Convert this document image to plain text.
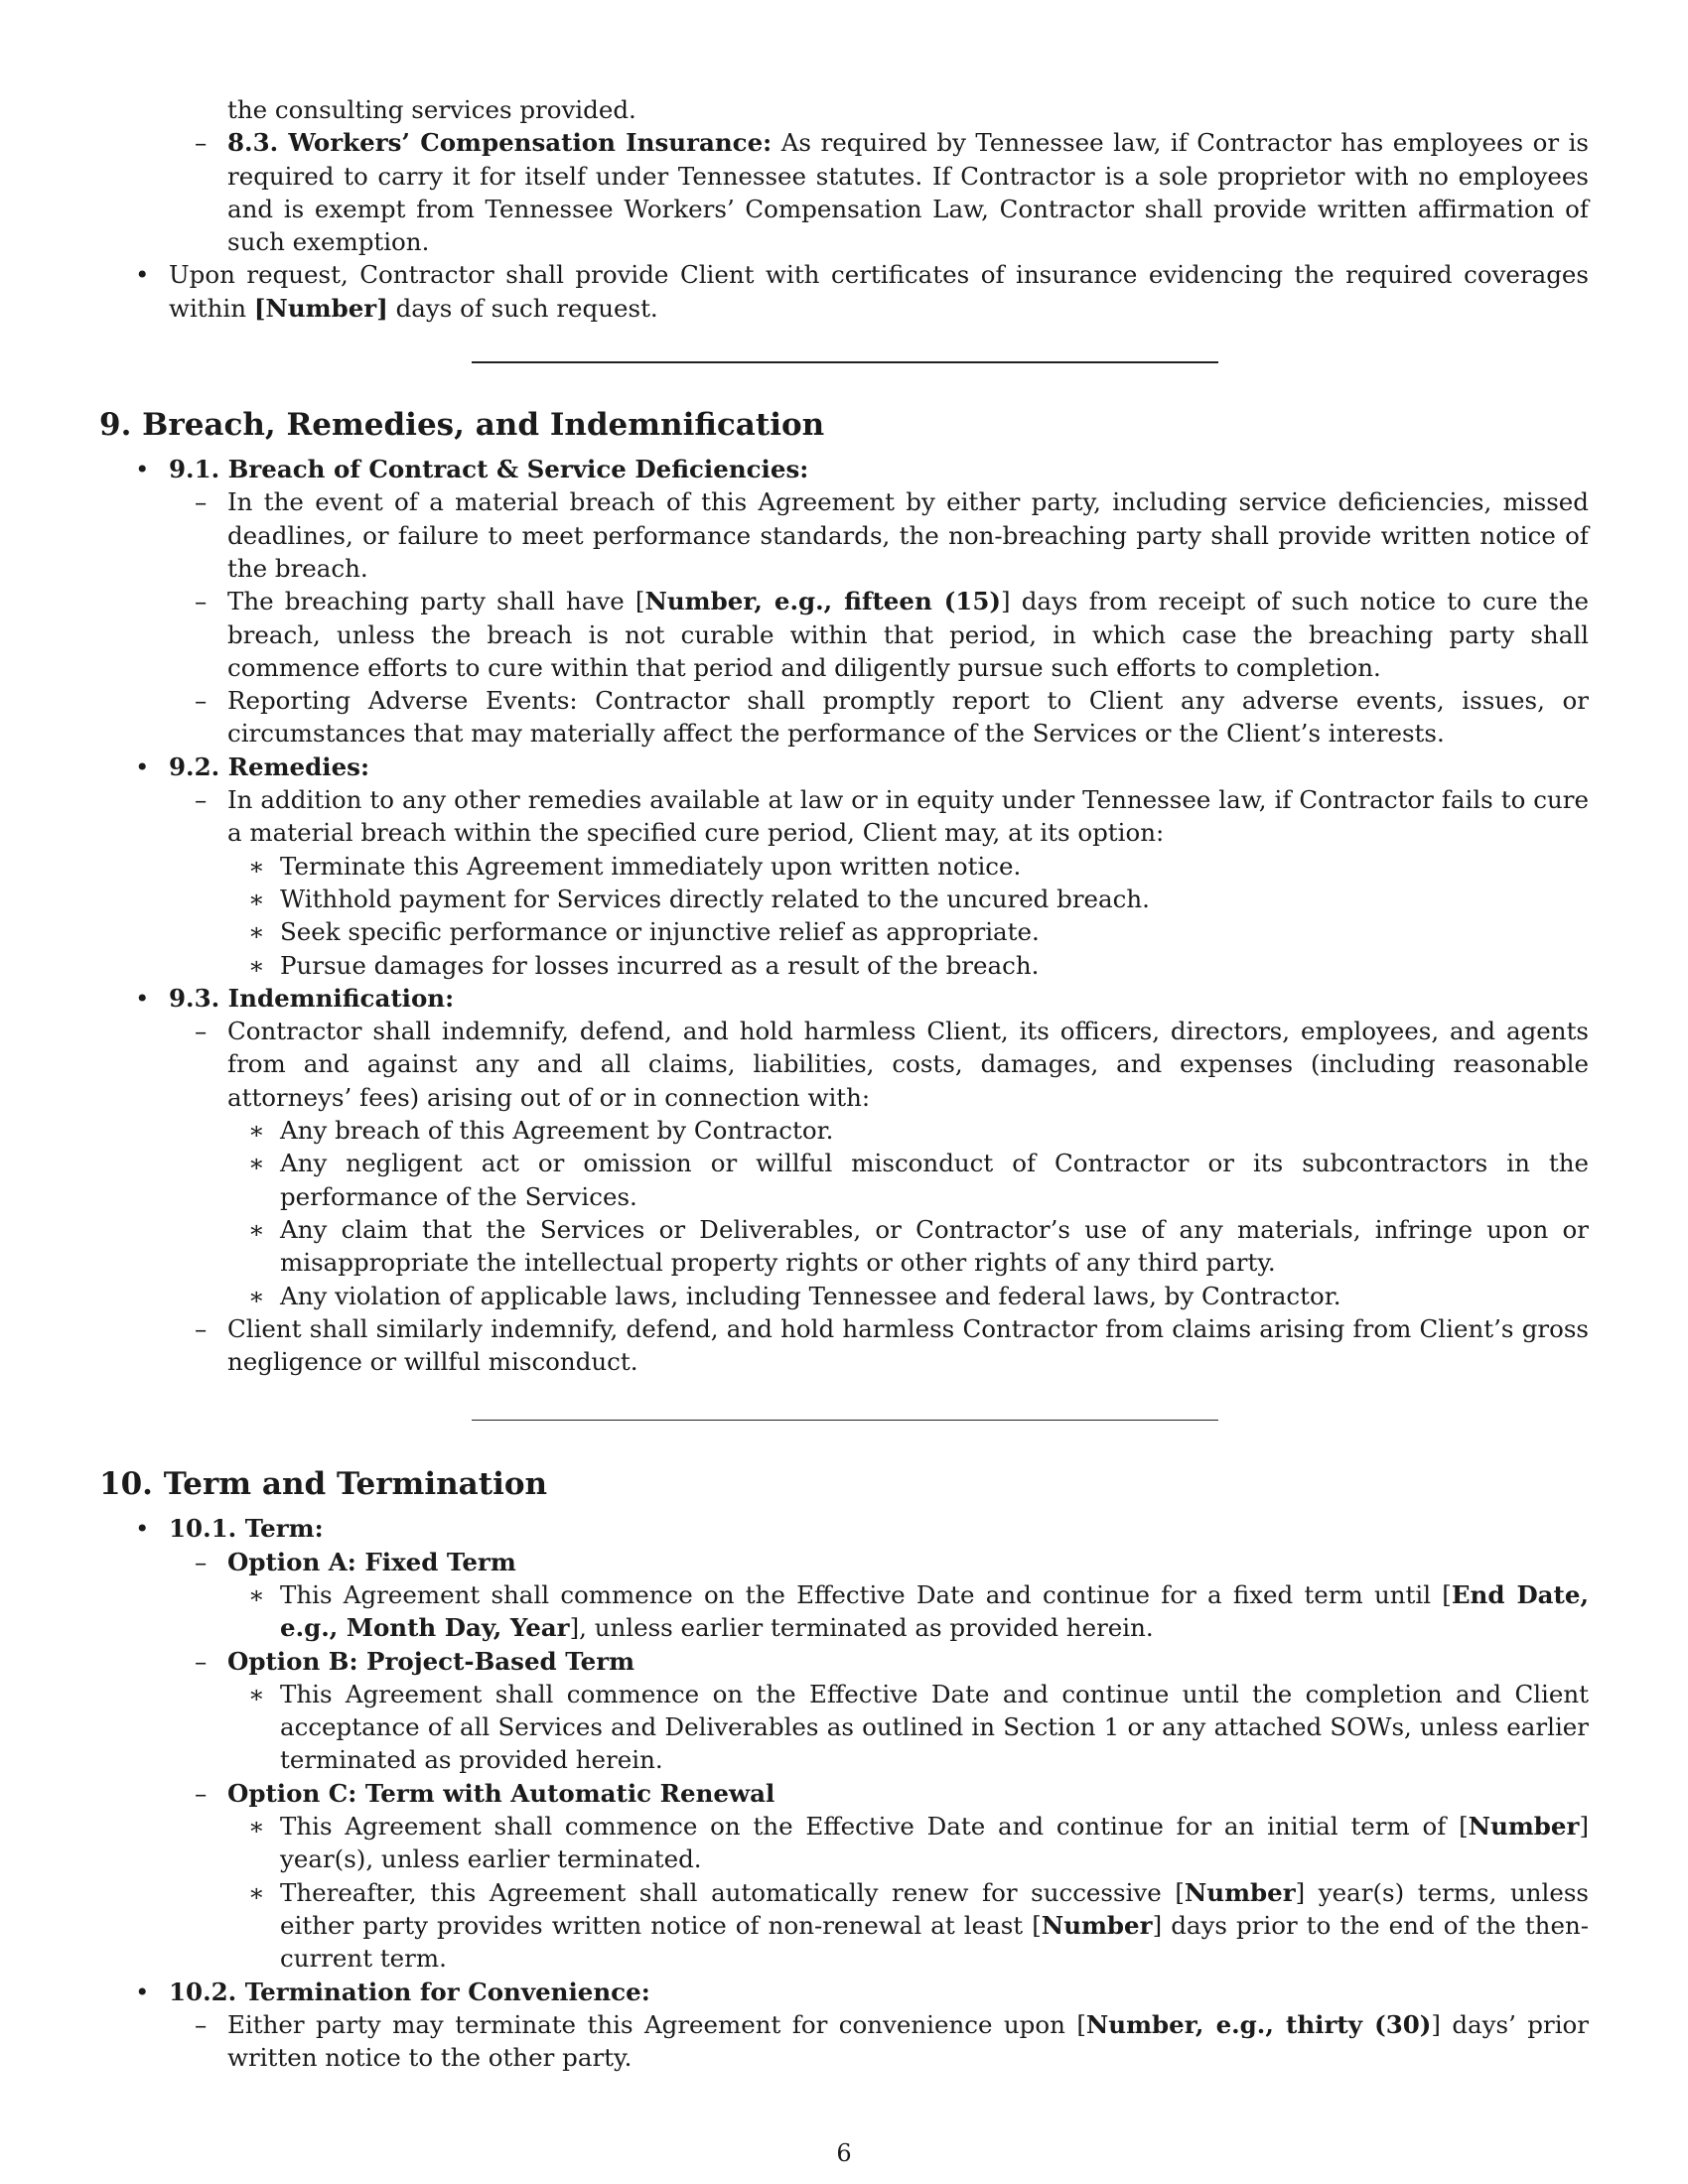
the consulting services provided.
– 8.3. Workers’ Compensation Insurance: As required by Tennessee law, if Contractor has employees or is required to carry it for itself under Tennessee statutes. If Contractor is a sole proprietor with no employees and is exempt from Tennessee Workers’ Compensation Law, Contractor shall provide written affirmation of such exemption.
• Upon request, Contractor shall provide Client with certificates of insurance evidencing the required coverages within [Number] days of such request.
9. Breach, Remedies, and Indemnification
• 9.1. Breach of Contract & Service Deficiencies:
– In the event of a material breach of this Agreement by either party, including service deficiencies, missed deadlines, or failure to meet performance standards, the non-breaching party shall provide written notice of the breach.
– The breaching party shall have [Number, e.g., fifteen (15)] days from receipt of such notice to cure the breach, unless the breach is not curable within that period, in which case the breaching party shall commence efforts to cure within that period and diligently pursue such efforts to completion.
– Reporting Adverse Events: Contractor shall promptly report to Client any adverse events, issues, or circumstances that may materially affect the performance of the Services or the Client’s interests.
• 9.2. Remedies:
– In addition to any other remedies available at law or in equity under Tennessee law, if Contractor fails to cure a material breach within the specified cure period, Client may, at its option:
∗ Terminate this Agreement immediately upon written notice.
∗ Withhold payment for Services directly related to the uncured breach.
∗ Seek specific performance or injunctive relief as appropriate.
∗ Pursue damages for losses incurred as a result of the breach.
• 9.3. Indemnification:
– Contractor shall indemnify, defend, and hold harmless Client, its officers, directors, employees, and agents from and against any and all claims, liabilities, costs, damages, and expenses (including reasonable attorneys’ fees) arising out of or in connection with:
∗ Any breach of this Agreement by Contractor.
∗ Any negligent act or omission or willful misconduct of Contractor or its subcontractors in the performance of the Services.
∗ Any claim that the Services or Deliverables, or Contractor’s use of any materials, infringe upon or misappropriate the intellectual property rights or other rights of any third party.
∗ Any violation of applicable laws, including Tennessee and federal laws, by Contractor.
– Client shall similarly indemnify, defend, and hold harmless Contractor from claims arising from Client’s gross negligence or willful misconduct.
10. Term and Termination
• 10.1. Term:
– Option A: Fixed Term
∗ This Agreement shall commence on the Effective Date and continue for a fixed term until [End Date, e.g., Month Day, Year], unless earlier terminated as provided herein.
– Option B: Project-Based Term
∗ This Agreement shall commence on the Effective Date and continue until the completion and Client acceptance of all Services and Deliverables as outlined in Section 1 or any attached SOWs, unless earlier terminated as provided herein.
– Option C: Term with Automatic Renewal
∗ This Agreement shall commence on the Effective Date and continue for an initial term of [Number] year(s), unless earlier terminated.
∗ Thereafter, this Agreement shall automatically renew for successive [Number] year(s) terms, unless either party provides written notice of non-renewal at least [Number] days prior to the end of the then-current term.
• 10.2. Termination for Convenience:
– Either party may terminate this Agreement for convenience upon [Number, e.g., thirty (30)] days’ prior written notice to the other party.
6
